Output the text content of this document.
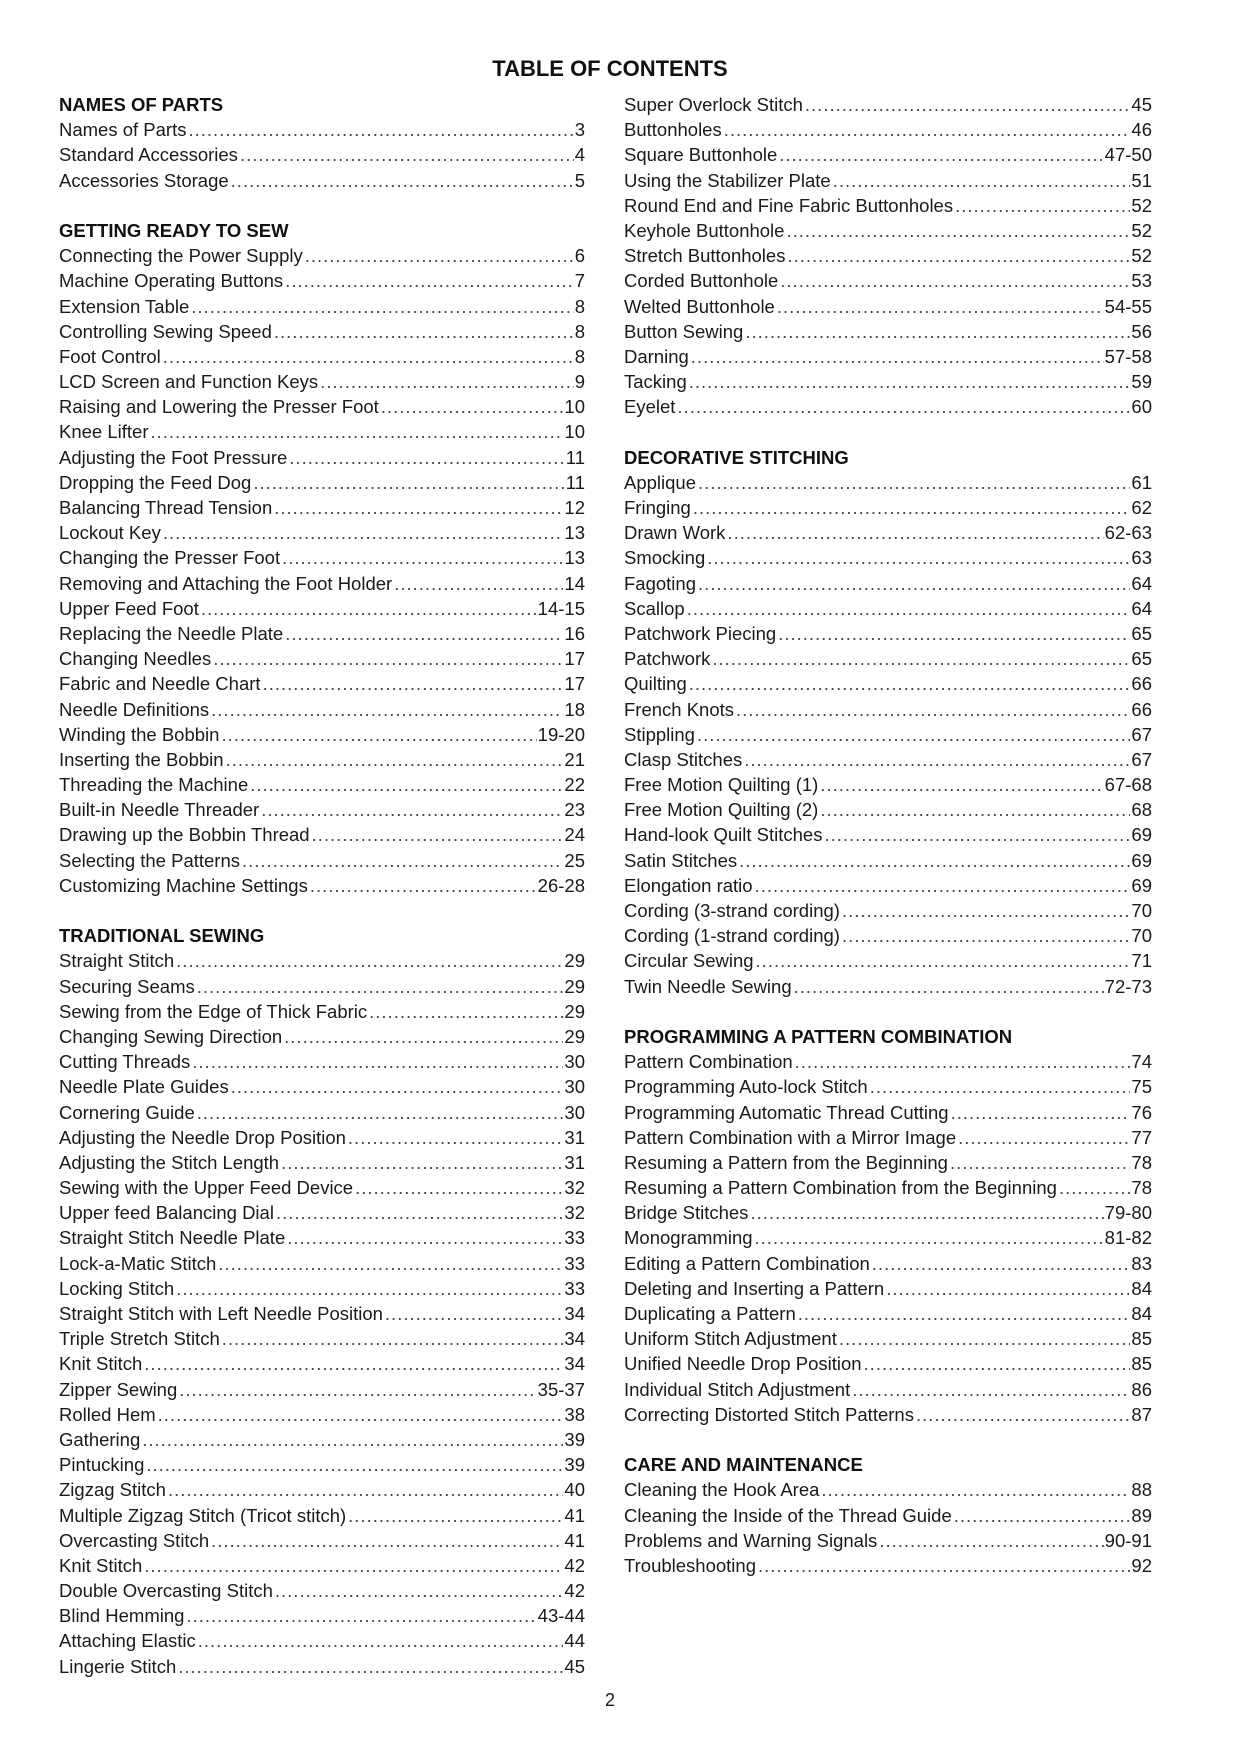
TABLE OF CONTENTS
NAMES OF PARTS
Names of Parts .....	3
Standard Accessories .....	4
Accessories Storage .....	5
GETTING READY TO SEW
Connecting the Power Supply .....	6
Machine Operating Buttons .....	7
Extension Table .....	8
Controlling Sewing Speed .....	8
Foot Control .....	8
LCD Screen and Function Keys .....	9
Raising and Lowering the Presser Foot .....	10
Knee Lifter .....	10
Adjusting the Foot Pressure .....	11
Dropping the Feed Dog .....	11
Balancing Thread Tension .....	12
Lockout Key .....	13
Changing the Presser Foot .....	13
Removing and Attaching the Foot Holder .....	14
Upper Feed Foot .....	14-15
Replacing the Needle Plate .....	16
Changing Needles .....	17
Fabric and Needle Chart .....	17
Needle Definitions .....	18
Winding the Bobbin .....	19-20
Inserting the Bobbin .....	21
Threading the Machine .....	22
Built-in Needle Threader .....	23
Drawing up the Bobbin Thread .....	24
Selecting the Patterns .....	25
Customizing Machine Settings .....	26-28
TRADITIONAL SEWING
Straight Stitch .....	29
Securing Seams .....	29
Sewing from the Edge of Thick Fabric .....	29
Changing Sewing Direction .....	29
Cutting Threads .....	30
Needle Plate Guides .....	30
Cornering Guide .....	30
Adjusting the Needle Drop Position .....	31
Adjusting the Stitch Length .....	31
Sewing with the Upper Feed Device .....	32
Upper feed Balancing Dial .....	32
Straight Stitch Needle Plate .....	33
Lock-a-Matic Stitch .....	33
Locking Stitch .....	33
Straight Stitch with Left Needle Position .....	34
Triple Stretch Stitch .....	34
Knit Stitch .....	34
Zipper Sewing .....	35-37
Rolled Hem .....	38
Gathering .....	39
Pintucking .....	39
Zigzag Stitch .....	40
Multiple Zigzag Stitch (Tricot stitch) .....	41
Overcasting Stitch .....	41
Knit Stitch .....	42
Double Overcasting Stitch .....	42
Blind Hemming .....	43-44
Attaching Elastic .....	44
Lingerie Stitch .....	45
Super Overlock Stitch .....	45
Buttonholes .....	46
Square Buttonhole .....	47-50
Using the Stabilizer Plate .....	51
Round End and Fine Fabric Buttonholes .....	52
Keyhole Buttonhole .....	52
Stretch Buttonholes .....	52
Corded Buttonhole .....	53
Welted Buttonhole .....	54-55
Button Sewing .....	56
Darning .....	57-58
Tacking .....	59
Eyelet .....	60
DECORATIVE STITCHING
Applique .....	61
Fringing .....	62
Drawn Work .....	62-63
Smocking .....	63
Fagoting .....	64
Scallop .....	64
Patchwork Piecing .....	65
Patchwork .....	65
Quilting .....	66
French Knots .....	66
Stippling .....	67
Clasp Stitches .....	67
Free Motion Quilting (1) .....	67-68
Free Motion Quilting (2) .....	68
Hand-look Quilt Stitches .....	69
Satin Stitches .....	69
Elongation ratio .....	69
Cording (3-strand cording) .....	70
Cording (1-strand cording) .....	70
Circular Sewing .....	71
Twin Needle Sewing .....	72-73
PROGRAMMING A PATTERN COMBINATION
Pattern Combination .....	74
Programming Auto-lock Stitch .....	75
Programming Automatic Thread Cutting .....	76
Pattern Combination with a Mirror Image .....	77
Resuming a Pattern from the Beginning .....	78
Resuming a Pattern Combination from the Beginning .....	78
Bridge Stitches .....	79-80
Monogramming .....	81-82
Editing a Pattern Combination .....	83
Deleting and Inserting a Pattern .....	84
Duplicating a Pattern .....	84
Uniform Stitch Adjustment .....	85
Unified Needle Drop Position .....	85
Individual Stitch Adjustment .....	86
Correcting Distorted Stitch Patterns .....	87
CARE AND MAINTENANCE
Cleaning the Hook Area .....	88
Cleaning the Inside of the Thread Guide .....	89
Problems and Warning Signals .....	90-91
Troubleshooting .....	92
2
